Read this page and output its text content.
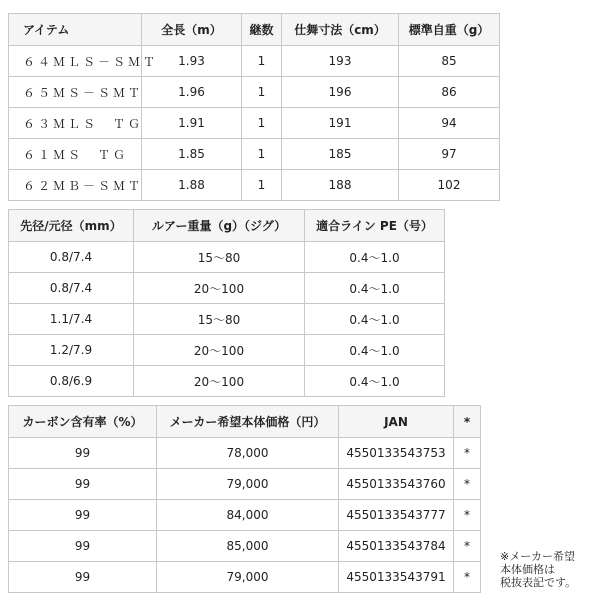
アイテム	全長（m）	継数	仕舞寸法（cm）	標準自重（g）
６４ＭＬＳ－ＳＭＴ	1.93	1	193	85
６５ＭＳ－ＳＭＴ	1.96	1	196	86
６３ＭＬＳ　ＴＧ	1.91	1	191	94
６１ＭＳ　ＴＧ	1.85	1	185	97
６２ＭＢ－ＳＭＴ	1.88	1	188	102
先径/元径（mm）	ルアー重量（g）（ジグ）	適合ライン PE（号）
0.8/7.4	15～80	0.4～1.0
0.8/7.4	20～100	0.4～1.0
1.1/7.4	15～80	0.4～1.0
1.2/7.9	20～100	0.4～1.0
0.8/6.9	20～100	0.4～1.0
カーボン含有率（%）	メーカー希望本体価格（円）	JAN	*
99	78,000	4550133543753	*
99	79,000	4550133543760	*
99	84,000	4550133543777	*
99	85,000	4550133543784	*
99	79,000	4550133543791	*
※メーカー希望
本体価格は
税抜表記です。
